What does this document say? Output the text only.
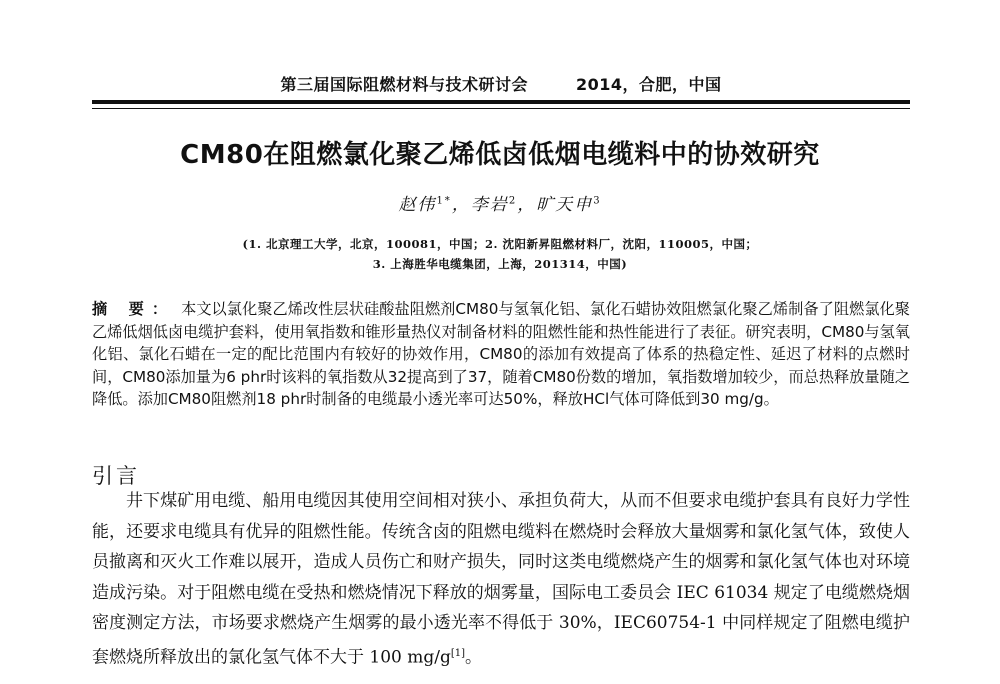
第三届国际阻燃材料与技术研讨会	2014，合肥，中国
CM80在阻燃氯化聚乙烯低卤低烟电缆料中的协效研究
赵伟$^{1*}$，李岩$^2$，旷天申$^3$
(1. 北京理工大学，北京，100081，中国；2. 沈阳新昇阻燃材料厂，沈阳，110005，中国；
3. 上海胜华电缆集团，上海，201314，中国)
摘 要： 本文以氯化聚乙烯改性层状硅酸盐阻燃剂CM80与氢氧化铝、氯化石蜡协效阻燃氯化聚乙烯制备了阻燃氯化聚乙烯低烟低卤电缆护套料，使用氧指数和锥形量热仪对制备材料的阻燃性能和热性能进行了表征。研究表明，CM80与氢氧化铝、氯化石蜡在一定的配比范围内有较好的协效作用，CM80的添加有效提高了体系的热稳定性、延迟了材料的点燃时间，CM80添加量为6 phr时该料的氧指数从32提高到了37，随着CM80份数的增加，氧指数增加较少，而总热释放量随之降低。添加CM80阻燃剂18 phr时制备的电缆最小透光率可达50%，释放HCl气体可降低到30 mg/g。
引言
井下煤矿用电缆、船用电缆因其使用空间相对狭小、承担负荷大，从而不但要求电缆护套具有良好力学性能，还要求电缆具有优异的阻燃性能。传统含卤的阻燃电缆料在燃烧时会释放大量烟雾和氯化氢气体，致使人员撤离和灭火工作难以展开，造成人员伤亡和财产损失，同时这类电缆燃烧产生的烟雾和氯化氢气体也对环境造成污染。对于阻燃电缆在受热和燃烧情况下释放的烟雾量，国际电工委员会 IEC 61034 规定了电缆燃烧烟密度测定方法，市场要求燃烧产生烟雾的最小透光率不得低于 30%，IEC60754-1 中同样规定了阻燃电缆护套燃烧所释放出的氯化氢气体不大于 100 mg/g[1]。
